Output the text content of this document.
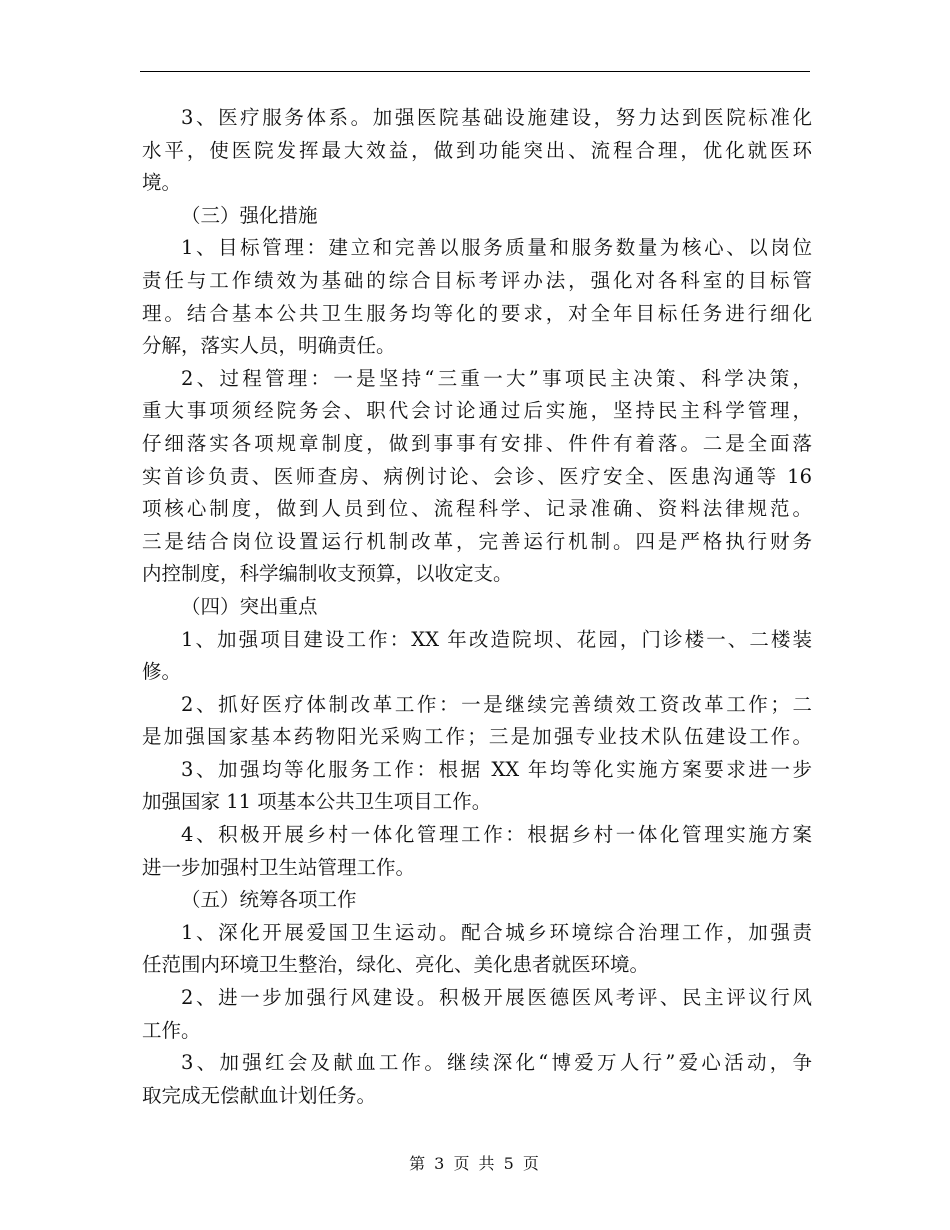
3、医疗服务体系。加强医院基础设施建设，努力达到医院标准化
水平，使医院发挥最大效益，做到功能突出、流程合理，优化就医环
境。
（三）强化措施
1、目标管理：建立和完善以服务质量和服务数量为核心、以岗位
责任与工作绩效为基础的综合目标考评办法，强化对各科室的目标管
理。结合基本公共卫生服务均等化的要求，对全年目标任务进行细化
分解，落实人员，明确责任。
2、过程管理：一是坚持“三重一大”事项民主决策、科学决策，
重大事项须经院务会、职代会讨论通过后实施，坚持民主科学管理，
仔细落实各项规章制度，做到事事有安排、件件有着落。二是全面落
实首诊负责、医师查房、病例讨论、会诊、医疗安全、医患沟通等 16
项核心制度，做到人员到位、流程科学、记录准确、资料法律规范。
三是结合岗位设置运行机制改革，完善运行机制。四是严格执行财务
内控制度，科学编制收支预算，以收定支。
（四）突出重点
1、加强项目建设工作：XX 年改造院坝、花园，门诊楼一、二楼装
修。
2、抓好医疗体制改革工作：一是继续完善绩效工资改革工作；二
是加强国家基本药物阳光采购工作；三是加强专业技术队伍建设工作。
3、加强均等化服务工作：根据 XX 年均等化实施方案要求进一步
加强国家 11 项基本公共卫生项目工作。
4、积极开展乡村一体化管理工作：根据乡村一体化管理实施方案
进一步加强村卫生站管理工作。
（五）统筹各项工作
1、深化开展爱国卫生运动。配合城乡环境综合治理工作，加强责
任范围内环境卫生整治，绿化、亮化、美化患者就医环境。
2、进一步加强行风建设。积极开展医德医风考评、民主评议行风
工作。
3、加强红会及献血工作。继续深化“博爱万人行”爱心活动，争
取完成无偿献血计划任务。
第 3 页 共 5 页
